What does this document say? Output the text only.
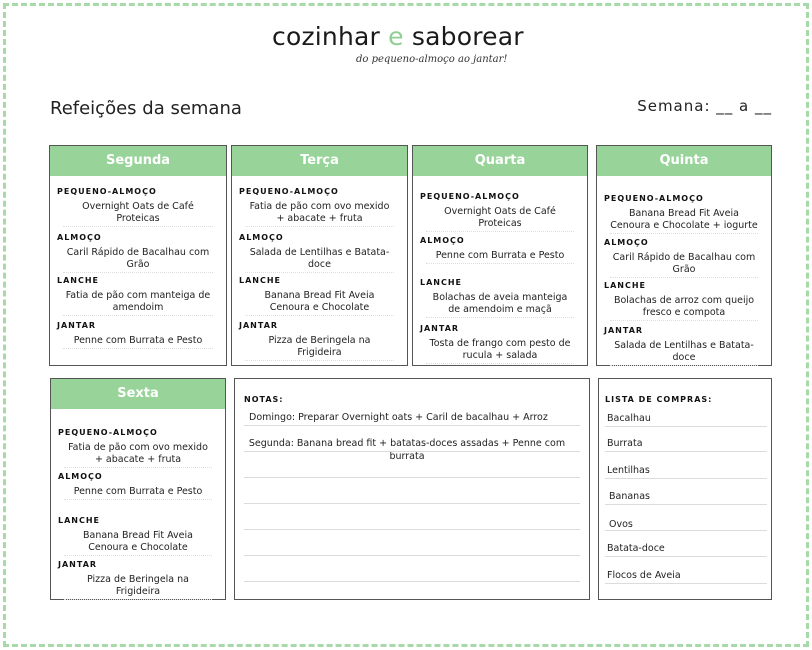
cozinhar e saborear
do pequeno-almoço ao jantar!
Refeições da semana	Semana: __ a __
Segunda
PEQUENO-ALMOÇO
Overnight Oats de Café Proteicas
ALMOÇO
Caril Rápido de Bacalhau com Grão
LANCHE
Fatia de pão com manteiga de amendoim
JANTAR
Penne com Burrata e Pesto
Terça
PEQUENO-ALMOÇO
Fatia de pão com ovo mexido + abacate + fruta
ALMOÇO
Salada de Lentilhas e Batata-doce
LANCHE
Banana Bread Fit Aveia Cenoura e Chocolate
JANTAR
Pizza de Beringela na Frigideira
Quarta
PEQUENO-ALMOÇO
Overnight Oats de Café Proteicas
ALMOÇO
Penne com Burrata e Pesto
LANCHE
Bolachas de aveia manteiga de amendoim e maçã
JANTAR
Tosta de frango com pesto de rucula + salada
Quinta
PEQUENO-ALMOÇO
Banana Bread Fit Aveia Cenoura e Chocolate + iogurte
ALMOÇO
Caril Rápido de Bacalhau com Grão
LANCHE
Bolachas de arroz com queijo fresco e compota
JANTAR
Salada de Lentilhas e Batata-doce
Sexta
PEQUENO-ALMOÇO
Fatia de pão com ovo mexido + abacate + fruta
ALMOÇO
Penne com Burrata e Pesto
LANCHE
Banana Bread Fit Aveia Cenoura e Chocolate
JANTAR
Pizza de Beringela na Frigideira
NOTAS:
Domingo: Preparar Overnight oats + Caril de bacalhau + Arroz
Segunda: Banana bread fit + batatas-doces assadas + Penne com burrata
LISTA DE COMPRAS:
Bacalhau
Burrata
Lentilhas
Bananas
Ovos
Batata-doce
Flocos de Aveia
